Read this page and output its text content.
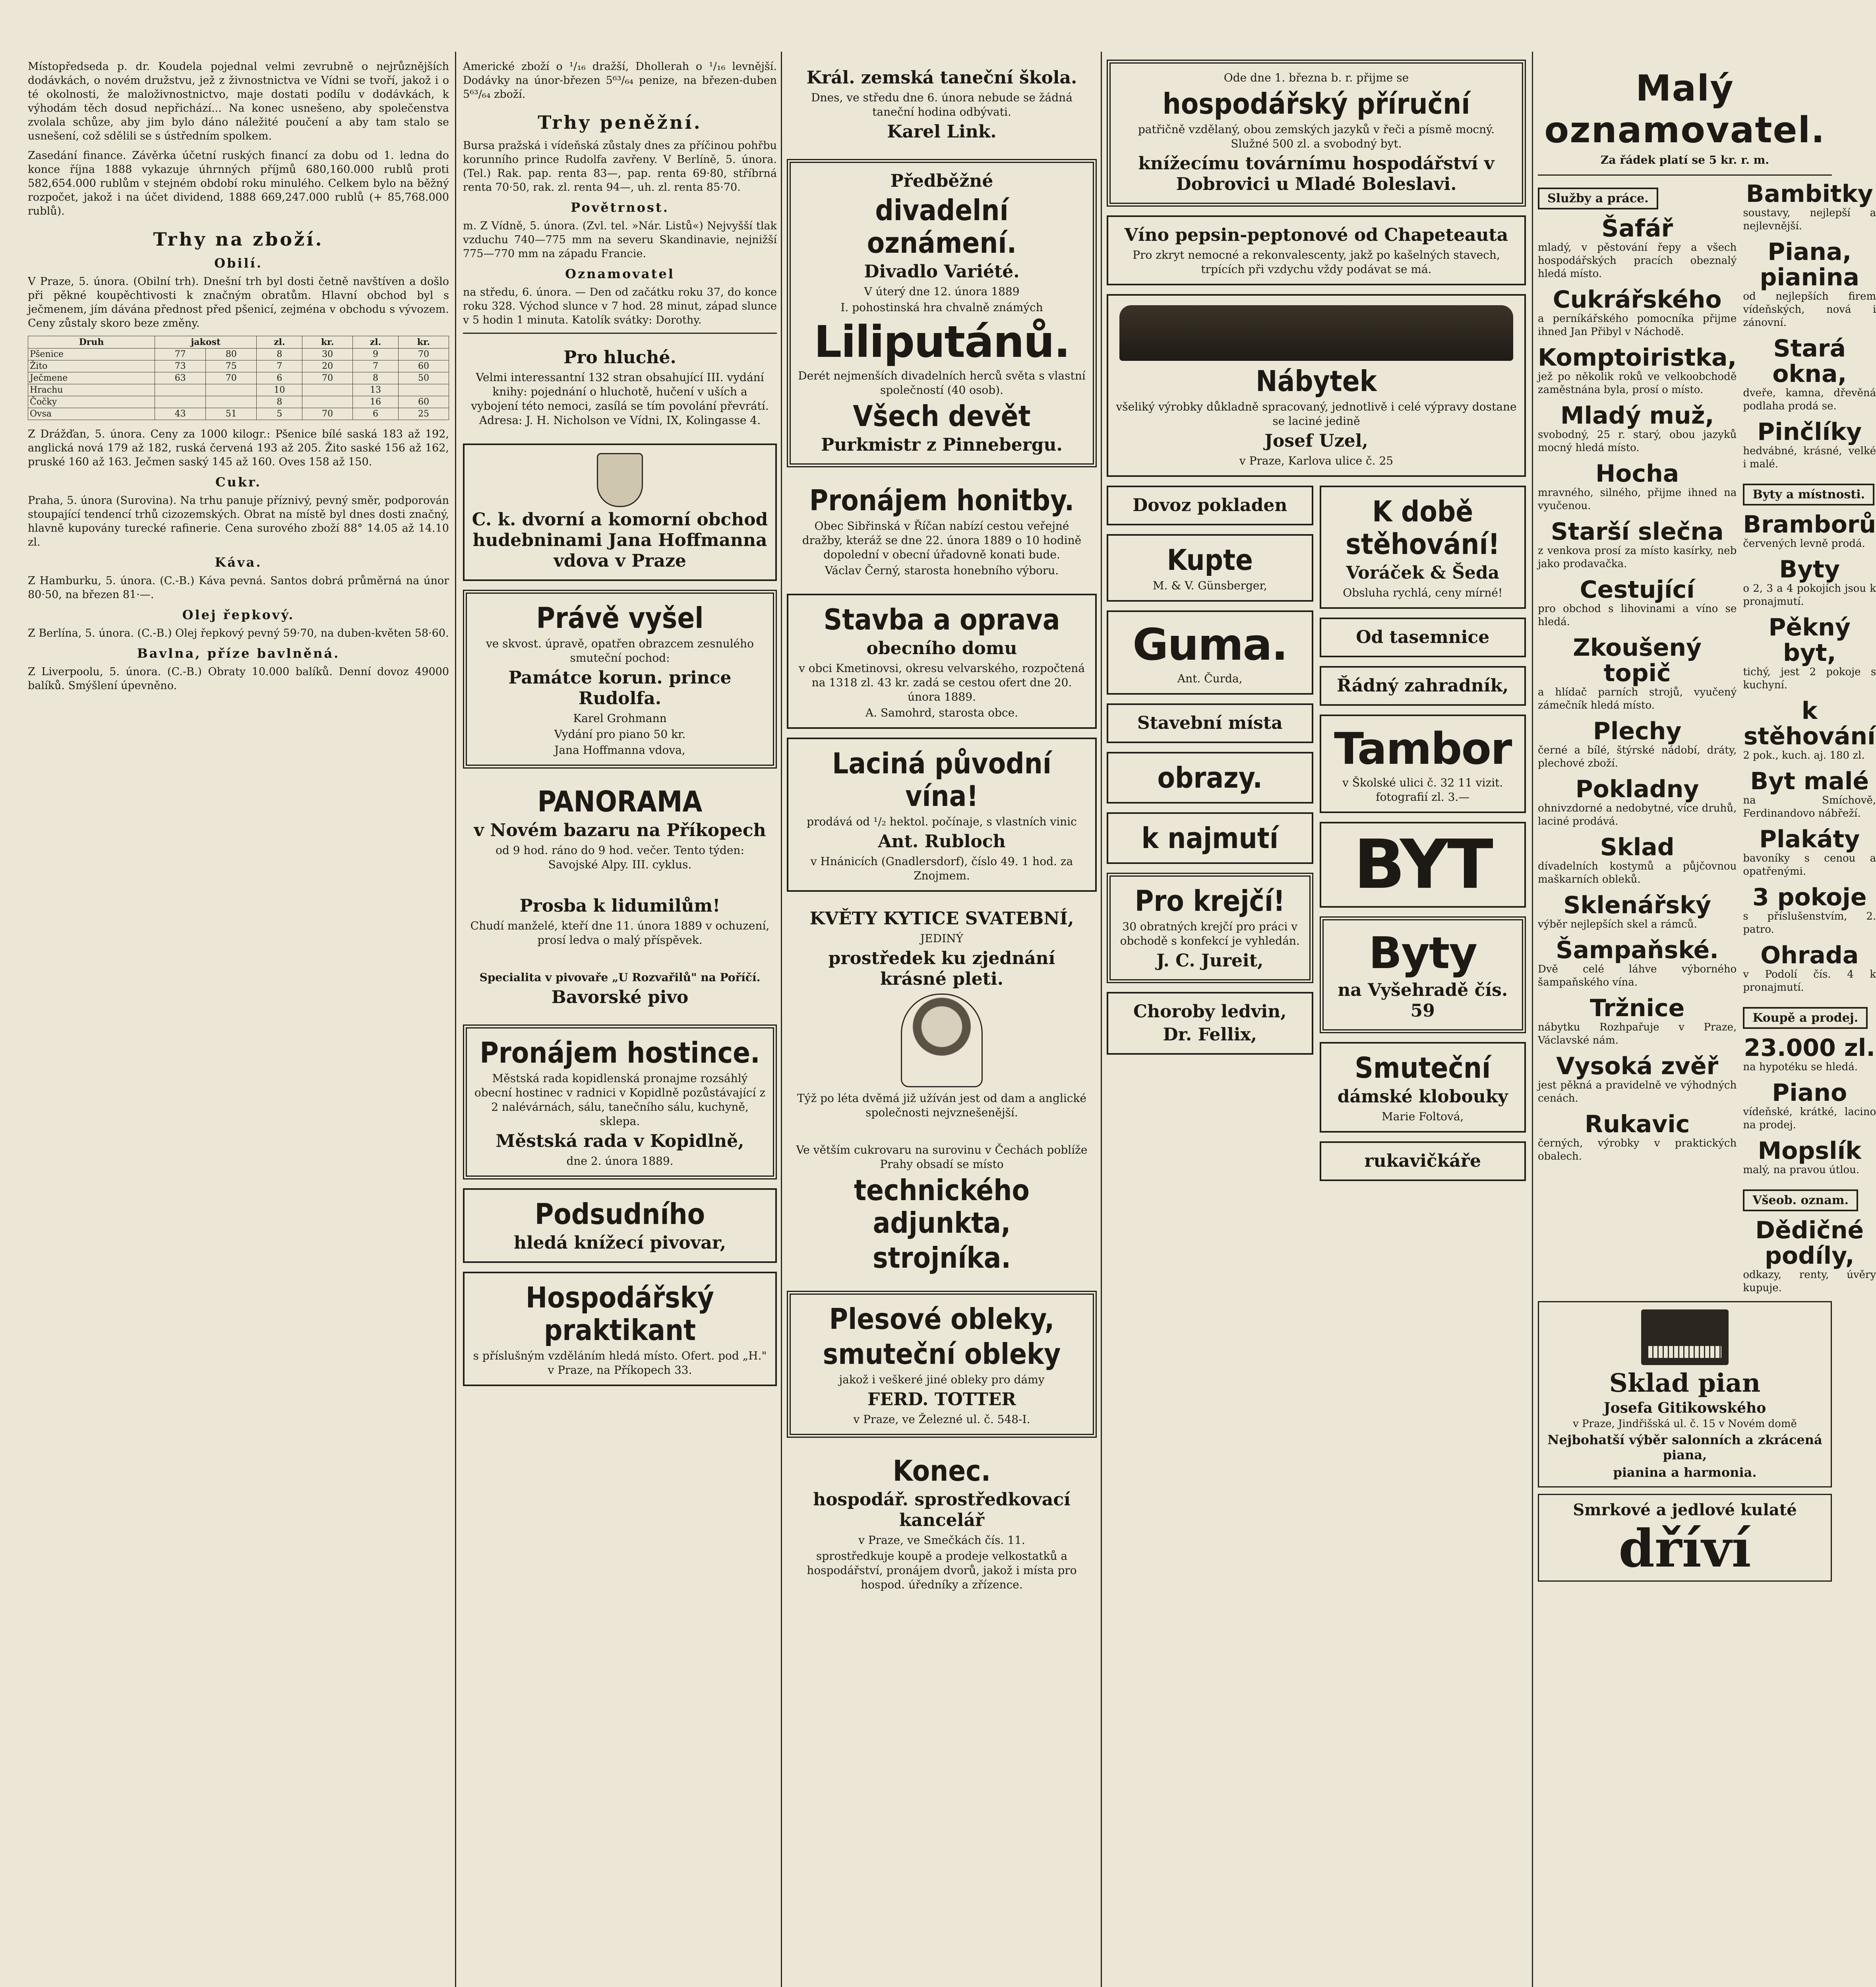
Místopředseda p. dr. Koudela pojednal velmi zevrubně o nejrůznějších dodávkách, o novém družstvu, jež z živnostnictva ve Vídni se tvoří, jakož i o té okolnosti, že maloživnostnictvo, maje dostati podílu v dodávkách, k výhodám těch dosud nepřichází... Na konec usnešeno, aby společenstva zvolala schůze, aby jim bylo dáno náležité poučení a aby tam stalo se usnešení, což sdělili se s ústředním spolkem.

Zasedání finance. Závěrka účetní ruských financí za dobu od 1. ledna do konce října 1888 vykazuje úhrnných příjmů 680,160.000 rublů proti 582,654.000 rublům v stejném období roku minulého. Celkem bylo na běžný rozpočet, jakož i na účet dividend, 1888 669,247.000 rublů (+ 85,768.000 rublů).

Trhy na zboží.
Obilí.

V Praze, 5. února. (Obilní trh). Dnešní trh byl dosti četně navštíven a došlo při pěkné koupěchtivosti k značným obratům. Hlavní obchod byl s ječmenem, jím dávána přednost před pšenicí, zejména v obchodu s vývozem. Ceny zůstaly skoro beze změny.

Druh	jakost		zl.	kr.	zl.	kr.
Pšenice	77	80	8	30	9	70
Žito	73	75	7	20	7	60
Ječmene	63	70	6	70	8	50
Hrachu			10		13	
Čočky			8		16	60
Ovsa	43	51	5	70	6	25

Z Drážďan, 5. února. Ceny za 1000 kilogr.: Pšenice bílé saská 183 až 192, anglická nová 179 až 182, ruská červená 193 až 205. Žito saské 156 až 162, pruské 160 až 163. Ječmen saský 145 až 160. Oves 158 až 150.

Cukr.

Praha, 5. února (Surovina). Na trhu panuje příznivý, pevný směr, podporován stoupající tendencí trhů cizozemských. Obrat na místě byl dnes dosti značný, hlavně kupovány turecké rafinerie. Cena surového zboží 88° 14.05 až 14.10 zl.

Káva.

Z Hamburku, 5. února. (C.-B.) Káva pevná. Santos dobrá průměrná na únor 80·50, na březen 81·—.

Olej řepkový.

Z Berlína, 5. února. (C.-B.) Olej řepkový pevný 59·70, na duben-květen 58·60.

Bavlna, příze bavlněná.

Z Liverpoolu, 5. února. (C.-B.) Obraty 10.000 balíků. Denní dovoz 49000 balíků. Smýšlení úpevněno.

Americké zboží o ¹/₁₆ dražší, Dhollerah o ¹/₁₆ levnější. Dodávky na únor-březen 5⁶³/₆₄ penize, na březen-duben 5⁶³/₆₄ zboží.

Trhy peněžní.

Bursa pražská i vídeňská zůstaly dnes za příčinou pohřbu korunního prince Rudolfa zavřeny. V Berlíně, 5. února. (Tel.) Rak. pap. renta 83—, pap. renta 69·80, stříbrná renta 70·50, rak. zl. renta 94—, uh. zl. renta 85·70.

Povětrnost.

m. Z Vídně, 5. února. (Zvl. tel. »Nár. Listů«) Nejvyšší tlak vzduchu 740—775 mm na severu Skandinavie, nejnižší 775—770 mm na západu Francie.

Oznamovatel

na středu, 6. února. — Den od začátku roku 37, do konce roku 328. Východ slunce v 7 hod. 28 minut, západ slunce v 5 hodin 1 minuta. Katolík svátky: Dorothy.

Pro hluché.
Velmi interessantní 132 stran obsahující III. vydání knihy: pojednání o hluchotě, hučení v uších a vybojení této nemoci, zasílá se tím povolání převrátí. Adresa: J. H. Nicholson ve Vídni, IX, Kolingasse 4.
C. k. dvorní a komorní obchod hudebninami Jana Hoffmanna vdova v Praze
Právě vyšel
ve skvost. úpravě, opatřen obrazcem zesnulého smuteční pochod:
Památce korun. prince Rudolfa.
Karel Grohmann
Vydání pro piano 50 kr.
Jana Hoffmanna vdova,
PANORAMA
v Novém bazaru na Příkopech
od 9 hod. ráno do 9 hod. večer. Tento týden: Savojské Alpy. III. cyklus.
Prosba k lidumilům!
Chudí manželé, kteří dne 11. února 1889 v ochuzení, prosí ledva o malý příspěvek.
Specialita v pivovaře „U Rozvařilů" na Poříčí.
Bavorské pivo
Pronájem hostince.
Městská rada kopidlenská pronajme rozsáhlý obecní hostinec v radnici v Kopidlně pozůstávající z 2 nalévárnách, sálu, tanečního sálu, kuchyně, sklepa.
Městská rada v Kopidlně,
dne 2. února 1889.
Podsudního
hledá knížecí pivovar,
Hospodářský praktikant
s příslušným vzděláním hledá místo. Ofert. pod „H." v Praze, na Příkopech 33.
Král. zemská taneční škola.
Dnes, ve středu dne 6. února nebude se žádná taneční hodina odbývati.
Karel Link.
Předběžné
divadelní oznámení.
Divadlo Variété.
V úterý dne 12. února 1889
I. pohostinská hra chvalně známých
Liliputánů.
Derét nejmenších divadelních herců světa s vlastní společností (40 osob).
Všech devět
Purkmistr z Pinnebergu.
Pronájem honitby.
Obec Sibřinská v Říčan nabízí cestou veřejné dražby, kteráž se dne 22. února 1889 o 10 hodině dopolední v obecní úřadovně konati bude.
Václav Černý, starosta honebního výboru.
Stavba a oprava
obecního domu
v obci Kmetinovsi, okresu velvarského, rozpočtená na 1318 zl. 43 kr. zadá se cestou ofert dne 20. února 1889.
A. Samohrd, starosta obce.
Laciná původní vína!
prodává od ¹/₂ hektol. počínaje, s vlastních vinic
Ant. Rubloch
v Hnánicích (Gnadlersdorf), číslo 49. 1 hod. za Znojmem.
KVĚTY KYTICE SVATEBNÍ,
JEDINÝ
prostředek ku zjednání krásné pleti.
Týž po léta dvěmá již užíván jest od dam a anglické společnosti nejvznešenější.
Ve větším cukrovaru na surovinu v Čechách poblíže Prahy obsadí se místo
technického adjunkta,
strojníka.
Plesové obleky,
smuteční obleky
jakož i veškeré jiné obleky pro dámy
FERD. TOTTER
v Praze, ve Železné ul. č. 548-I.
Konec.
hospodář. sprostředkovací kancelář
v Praze, ve Smečkách čís. 11.
sprostředkuje koupě a prodeje velkostatků a hospodářství, pronájem dvorů, jakož i místa pro hospod. úředníky a zřízence.
Ode dne 1. března b. r. přijme se
hospodářský příruční
patřičně vzdělaný, obou zemských jazyků v řeči a písmě mocný. Služné 500 zl. a svobodný byt.
knížecímu továrnímu hospodářství v Dobrovici u Mladé Boleslavi.
Víno pepsin-peptonové od Chapeteauta
Pro zkryt nemocné a rekonvalescenty, jakž po kašelných stavech, trpících při vzdychu vždy podávat se má.
Nábytek
všeliký výrobky důkladně spracovaný, jednotlivě i celé výpravy dostane se laciné jedině
Josef Uzel,
v Praze, Karlova ulice č. 25
Dovoz pokladen
Kupte
M. & V. Günsberger,
Guma.
Ant. Čurda,
Stavební místa
obrazy.
k najmutí
Pro krejčí!
30 obratných krejčí pro práci v obchodě s konfekcí je vyhledán.
J. C. Jureit,
Choroby ledvin,
Dr. Fellix,
K době stěhování!
Voráček & Šeda
Obsluha rychlá, ceny mírné!
Od tasemnice
Řádný zahradník,
Tambor
v Školské ulici č. 32 11 vizit. fotografií zl. 3.—
BYT
Byty
na Vyšehradě čís. 59
Smuteční
dámské klobouky
Marie Foltová,
rukavičkáře
Malý oznamovatel.
Za řádek platí se 5 kr. r. m.
Služby a práce.
Šafář
mladý, v pěstování řepy a všech hospodářských pracích obeznalý hledá místo.
Cukrářského
a perníkářského pomocníka přijme ihned Jan Přibyl v Náchodě.
Komptoiristka,
jež po několik roků ve velkoobchodě zaměstnána byla, prosí o místo.
Mladý muž,
svobodný, 25 r. starý, obou jazyků mocný hledá místo.
Hocha
mravného, silného, přijme ihned na vyučenou.
Starší slečna
z venkova prosí za místo kasírky, neb jako prodavačka.
Cestující
pro obchod s lihovinami a víno se hledá.
Zkoušený topič
a hlídač parních strojů, vyučený zámečník hledá místo.
Plechy
černé a bílé, štýrské nádobí, dráty, plechové zboží.
Pokladny
ohnivzdorné a nedobytné, více druhů, laciné prodává.
Sklad
dívadelních kostymů a půjčovnou maškarních obleků.
Sklenářský
výběr nejlepších skel a rámců.
Šampaňské.
Dvě celé láhve výborného šampaňského vína.
Tržnice
nábytku Rozhpařuje v Praze, Václavské nám.
Vysoká zvěř
jest pěkná a pravidelně ve výhodných cenách.
Rukavic
černých, výrobky v praktických obalech.
Bambitky
soustavy, nejlepší a nejlevnější.
Piana, pianina
od nejlepších firem vídeňských, nová i zánovní.
Stará okna,
dveře, kamna, dřevěná podlaha prodá se.
Pinčlíky
hedvábné, krásné, velké i malé.
Byty a místnosti.
Bramborů
červených levně prodá.
Byty
o 2, 3 a 4 pokojích jsou k pronajmutí.
Pěkný byt,
tichý, jest 2 pokoje s kuchyní.
k stěhování
2 pok., kuch. aj. 180 zl.
Byt malé
na Smíchově, Ferdinandovo nábřeží.
Plakáty
bavoníky s cenou a opatřenými.
3 pokoje
s příslušenstvím, 2. patro.
Ohrada
v Podolí čís. 4 k pronajmutí.
Koupě a prodej.
23.000 zl.
na hypotéku se hledá.
Piano
vídeňské, krátké, lacino na prodej.
Mopslík
malý, na pravou útlou.
Všeob. oznam.
Dědičné podíly,
odkazy, renty, úvěry kupuje.
Sklad pian
Josefa Gitikowského
v Praze, Jindřišská ul. č. 15 v Novém domě
Nejbohatší výběr salonních a zkrácená piana,
pianina a harmonia.
Smrkové a jedlové kulaté
dříví
